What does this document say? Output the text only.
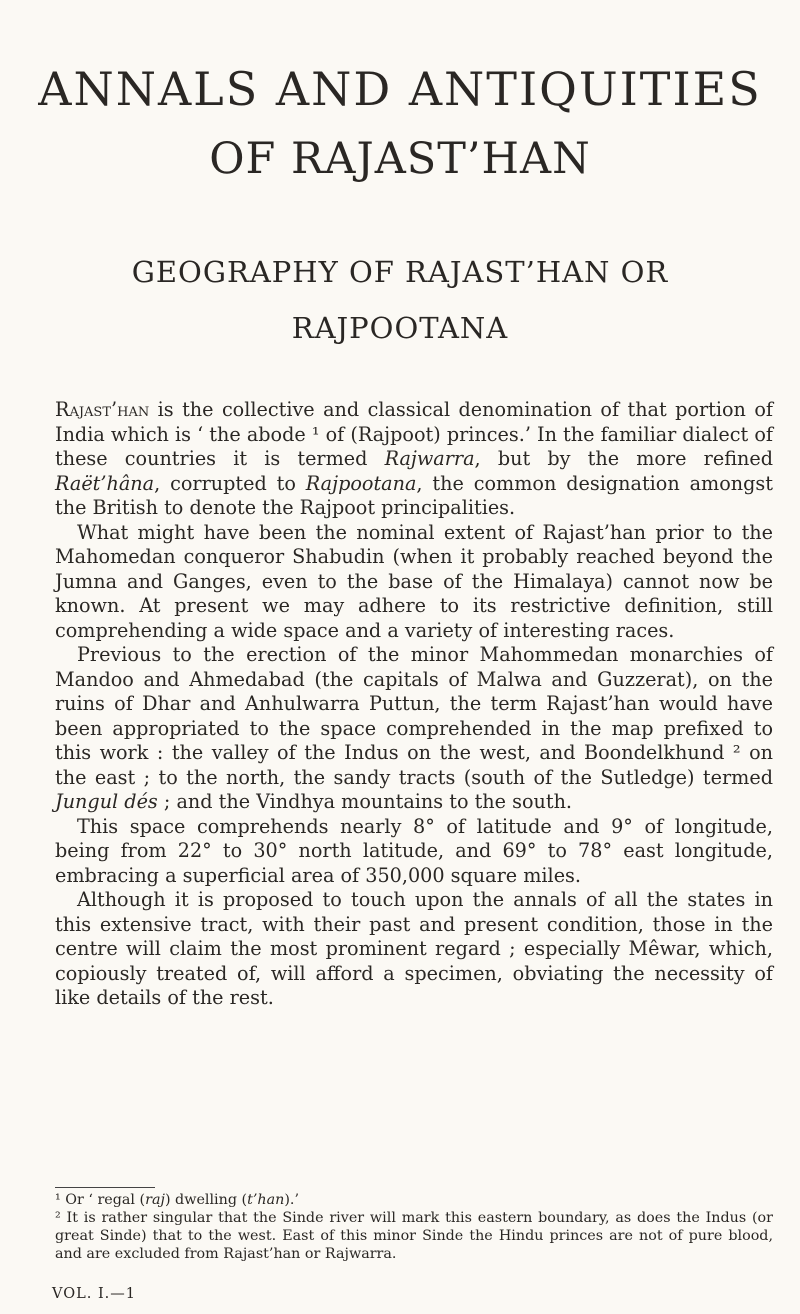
ANNALS AND ANTIQUITIES
OF RAJAST’HAN
GEOGRAPHY OF RAJAST’HAN OR
RAJPOOTANA

Rajast’han is the collective and classical denomination of that portion of India which is ‘ the abode ¹ of (Rajpoot) princes.’ In the familiar dialect of these countries it is termed Rajwarra, but by the more refined Raët’hâna, corrupted to Rajpootana, the common designation amongst the British to denote the Rajpoot principalities.

What might have been the nominal extent of Rajast’han prior to the Mahomedan conqueror Shabudin (when it probably reached beyond the Jumna and Ganges, even to the base of the Himalaya) cannot now be known. At present we may adhere to its restrictive definition, still comprehending a wide space and a variety of interesting races.

Previous to the erection of the minor Mahommedan monarchies of Mandoo and Ahmedabad (the capitals of Malwa and Guzzerat), on the ruins of Dhar and Anhulwarra Puttun, the term Rajast’han would have been appropriated to the space comprehended in the map prefixed to this work : the valley of the Indus on the west, and Boondelkhund ² on the east ; to the north, the sandy tracts (south of the Sutledge) termed Jungul dés ; and the Vindhya mountains to the south.

This space comprehends nearly 8° of latitude and 9° of longitude, being from 22° to 30° north latitude, and 69° to 78° east longitude, embracing a superficial area of 350,000 square miles.

Although it is proposed to touch upon the annals of all the states in this extensive tract, with their past and present condition, those in the centre will claim the most prominent regard ; especially Mêwar, which, copiously treated of, will afford a specimen, obviating the necessity of like details of the rest.

¹ Or ‘ regal (raj) dwelling (t’han).’

² It is rather singular that the Sinde river will mark this eastern boundary, as does the Indus (or great Sinde) that to the west. East of this minor Sinde the Hindu princes are not of pure blood, and are excluded from Rajast’han or Rajwarra.

VOL. I.—1
